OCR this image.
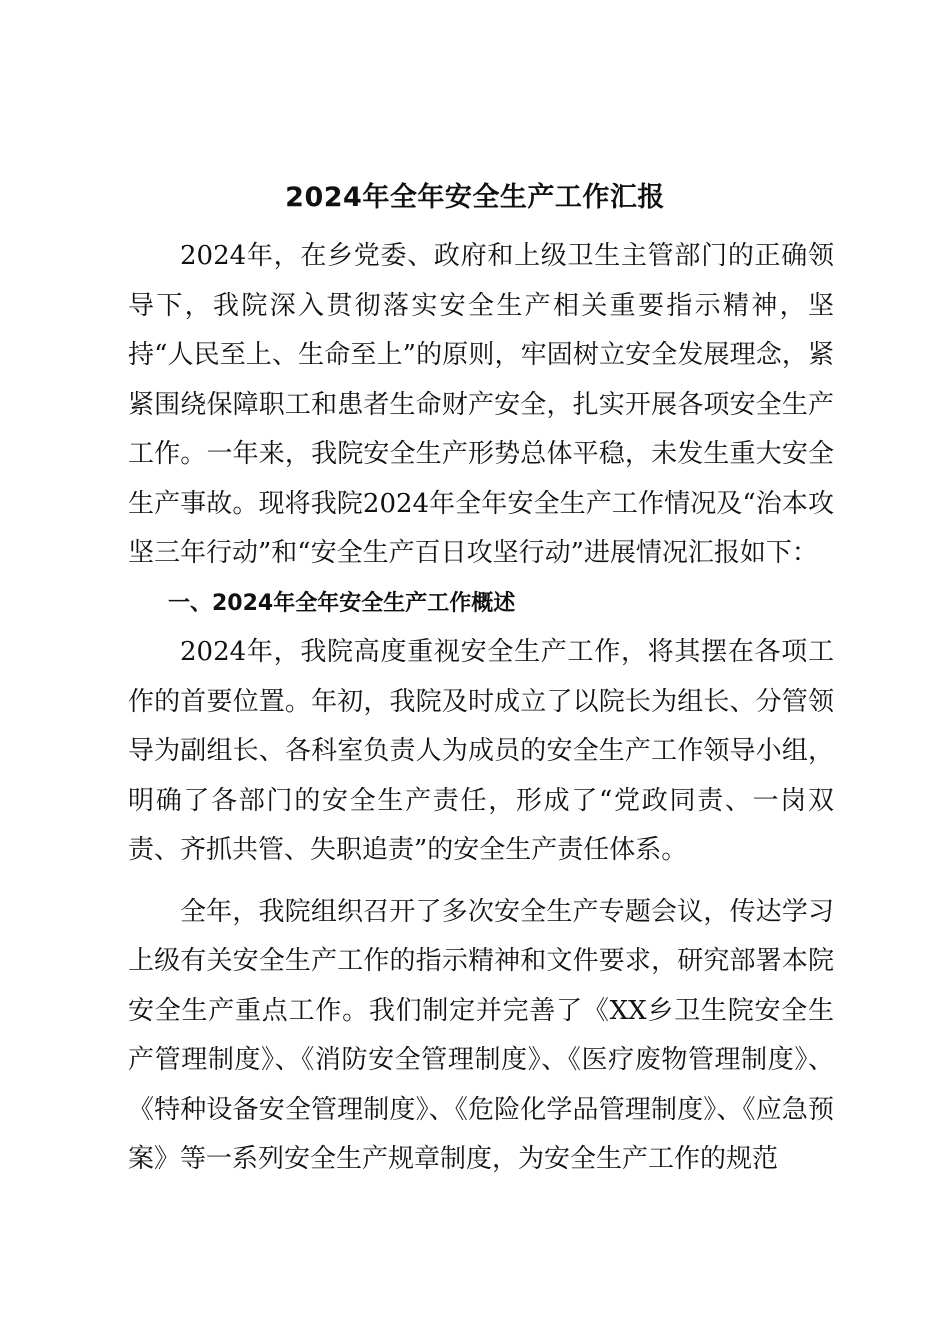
2024年全年安全生产工作汇报

2024年，在乡党委、政府和上级卫生主管部门的正确领导下，我院深入贯彻落实安全生产相关重要指示精神，坚持“人民至上、生命至上”的原则，牢固树立安全发展理念，紧紧围绕保障职工和患者生命财产安全，扎实开展各项安全生产工作。一年来，我院安全生产形势总体平稳，未发生重大安全生产事故。现将我院2024年全年安全生产工作情况及“治本攻坚三年行动”和“安全生产百日攻坚行动”进展情况汇报如下：

一、2024年全年安全生产工作概述

2024年，我院高度重视安全生产工作，将其摆在各项工作的首要位置。年初，我院及时成立了以院长为组长、分管领导为副组长、各科室负责人为成员的安全生产工作领导小组，明确了各部门的安全生产责任，形成了“党政同责、一岗双责、齐抓共管、失职追责”的安全生产责任体系。

全年，我院组织召开了多次安全生产专题会议，传达学习上级有关安全生产工作的指示精神和文件要求，研究部署本院安全生产重点工作。我们制定并完善了《XX乡卫生院安全生产管理制度》、《消防安全管理制度》、《医疗废物管理制度》、《特种设备安全管理制度》、《危险化学品管理制度》、《应急预案》等一系列安全生产规章制度，为安全生产工作的规范
